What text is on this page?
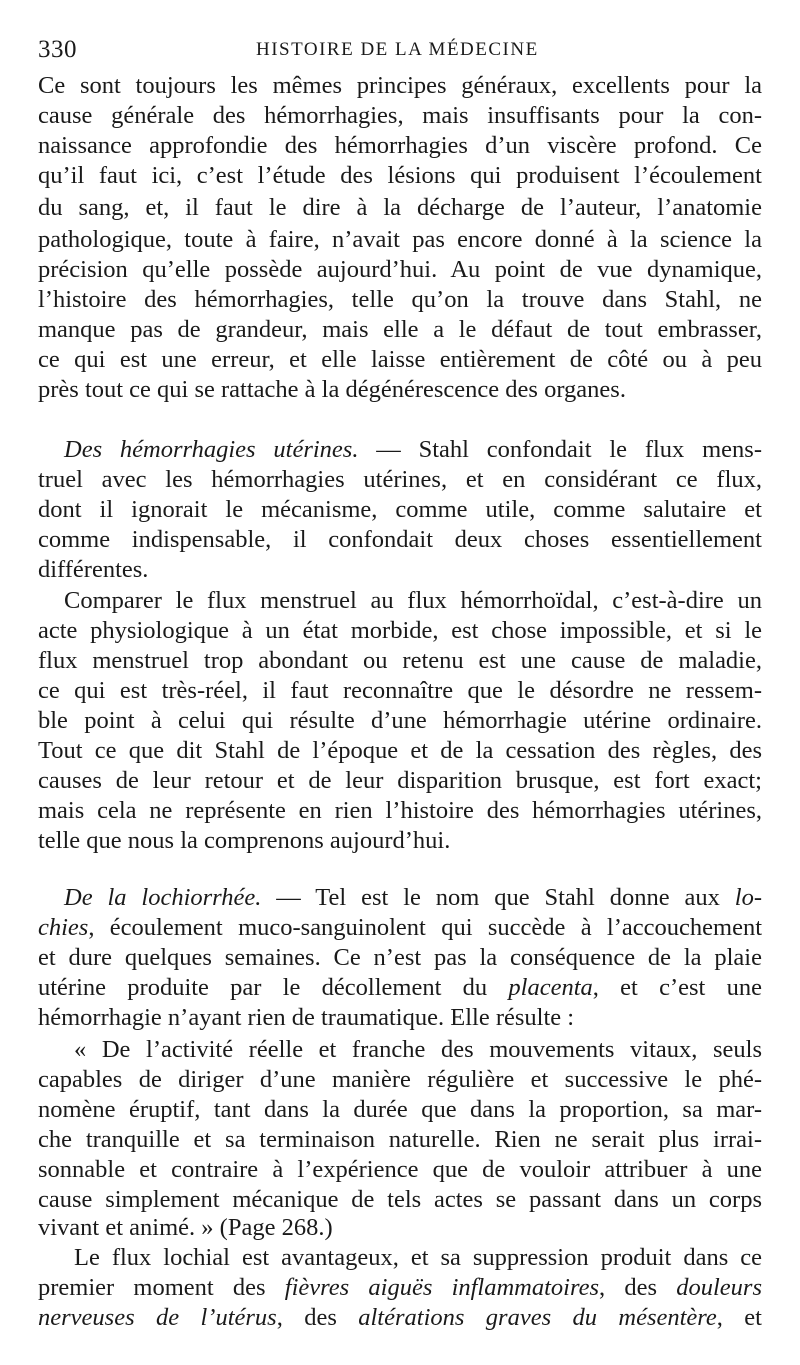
330	HISTOIRE DE LA MÉDECINE
Ce sont toujours les mêmes principes généraux, excellents pour la
cause générale des hémorrhagies, mais insuffisants pour la con-
naissance approfondie des hémorrhagies d’un viscère profond. Ce
qu’il faut ici, c’est l’étude des lésions qui produisent l’écoulement
du sang, et, il faut le dire à la décharge de l’auteur, l’anatomie
pathologique, toute à faire, n’avait pas encore donné à la science la
précision qu’elle possède aujourd’hui. Au point de vue dynamique,
l’histoire des hémorrhagies, telle qu’on la trouve dans Stahl, ne
manque pas de grandeur, mais elle a le défaut de tout embrasser,
ce qui est une erreur, et elle laisse entièrement de côté ou à peu
près tout ce qui se rattache à la dégénérescence des organes.
Des hémorrhagies utérines. — Stahl confondait le flux mens-
truel avec les hémorrhagies utérines, et en considérant ce flux,
dont il ignorait le mécanisme, comme utile, comme salutaire et
comme indispensable, il confondait deux choses essentiellement
différentes.
Comparer le flux menstruel au flux hémorrhoïdal, c’est-à-dire un
acte physiologique à un état morbide, est chose impossible, et si le
flux menstruel trop abondant ou retenu est une cause de maladie,
ce qui est très-réel, il faut reconnaître que le désordre ne ressem-
ble point à celui qui résulte d’une hémorrhagie utérine ordinaire.
Tout ce que dit Stahl de l’époque et de la cessation des règles, des
causes de leur retour et de leur disparition brusque, est fort exact;
mais cela ne représente en rien l’histoire des hémorrhagies utérines,
telle que nous la comprenons aujourd’hui.
De la lochiorrhée. — Tel est le nom que Stahl donne aux lo-
chies, écoulement muco-sanguinolent qui succède à l’accouchement
et dure quelques semaines. Ce n’est pas la conséquence de la plaie
utérine produite par le décollement du placenta, et c’est une
hémorrhagie n’ayant rien de traumatique. Elle résulte :
« De l’activité réelle et franche des mouvements vitaux, seuls
capables de diriger d’une manière régulière et successive le phé-
nomène éruptif, tant dans la durée que dans la proportion, sa mar-
che tranquille et sa terminaison naturelle. Rien ne serait plus irrai-
sonnable et contraire à l’expérience que de vouloir attribuer à une
cause simplement mécanique de tels actes se passant dans un corps
vivant et animé. » (Page 268.)
Le flux lochial est avantageux, et sa suppression produit dans ce
premier moment des fièvres aiguës inflammatoires, des douleurs
nerveuses de l’utérus, des altérations graves du mésentère, et
